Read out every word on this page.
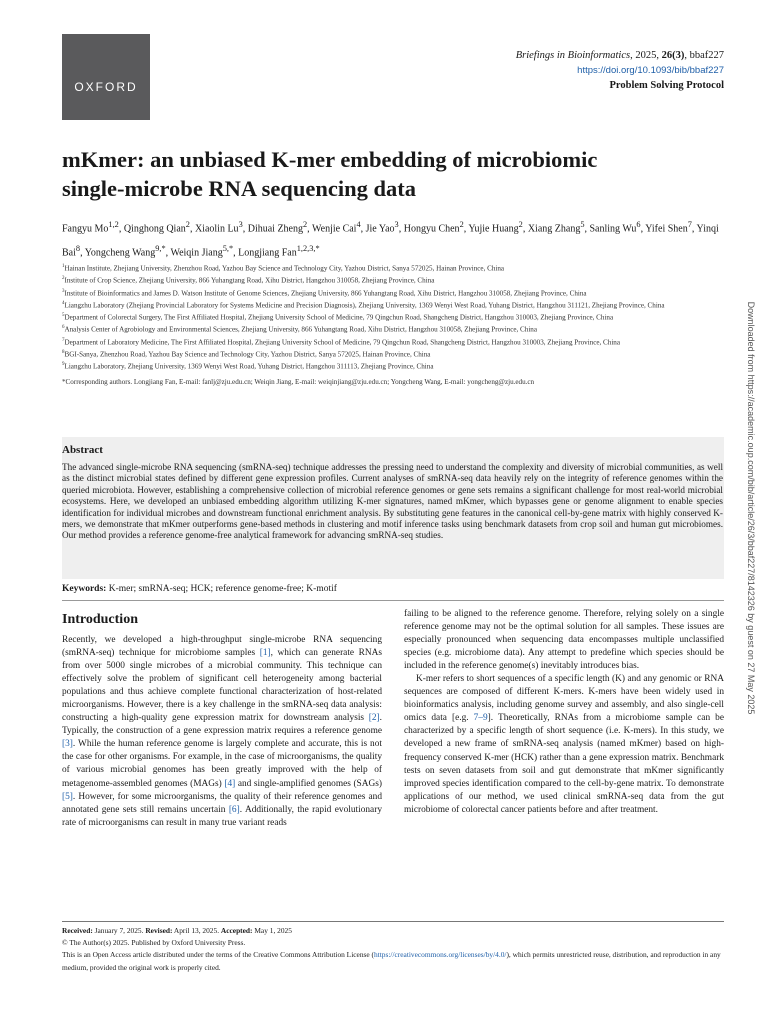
OXFORD
Briefings in Bioinformatics, 2025, 26(3), bbaf227
https://doi.org/10.1093/bib/bbaf227
Problem Solving Protocol
mKmer: an unbiased K-mer embedding of microbiomic
single-microbe RNA sequencing data
Fangyu Mo$^{1,2}$, Qinghong Qian$^2$, Xiaolin Lu$^3$, Dihuai Zheng$^2$, Wenjie Cai$^4$, Jie Yao$^3$, Hongyu Chen$^2$, Yujie Huang$^2$, Xiang Zhang$^5$, Sanling Wu$^6$, Yifei Shen$^7$, Yinqi Bai$^8$, Yongcheng Wang$^{9,*}$, Weiqin Jiang$^{5,*}$, Longjiang Fan$^{1,2,3,*}$

$^1$Hainan Institute, Zhejiang University, Zhenzhou Road, Yazhou Bay Science and Technology City, Yazhou District, Sanya 572025, Hainan Province, China

$^2$Institute of Crop Science, Zhejiang University, 866 Yuhangtang Road, Xihu District, Hangzhou 310058, Zhejiang Province, China

$^3$Institute of Bioinformatics and James D. Watson Institute of Genome Sciences, Zhejiang University, 866 Yuhangtang Road, Xihu District, Hangzhou 310058, Zhejiang Province, China

$^4$Liangzhu Laboratory (Zhejiang Provincial Laboratory for Systems Medicine and Precision Diagnosis), Zhejiang University, 1369 Wenyi West Road, Yuhang District, Hangzhou 311121, Zhejiang Province, China

$^5$Department of Colorectal Surgery, The First Affiliated Hospital, Zhejiang University School of Medicine, 79 Qingchun Road, Shangcheng District, Hangzhou 310003, Zhejiang Province, China

$^6$Analysis Center of Agrobiology and Environmental Sciences, Zhejiang University, 866 Yuhangtang Road, Xihu District, Hangzhou 310058, Zhejiang Province, China

$^7$Department of Laboratory Medicine, The First Affiliated Hospital, Zhejiang University School of Medicine, 79 Qingchun Road, Shangcheng District, Hangzhou 310003, Zhejiang Province, China

$^8$BGI-Sanya, Zhenzhou Road, Yazhou Bay Science and Technology City, Yazhou District, Sanya 572025, Hainan Province, China

$^9$Liangzhu Laboratory, Zhejiang University, 1369 Wenyi West Road, Yuhang District, Hangzhou 311113, Zhejiang Province, China

*Corresponding authors. Longjiang Fan, E-mail: fanlj@zju.edu.cn; Weiqin Jiang, E-mail: weiqinjiang@zju.edu.cn; Yongcheng Wang, E-mail: yongcheng@zju.edu.cn

Abstract
The advanced single-microbe RNA sequencing (smRNA-seq) technique addresses the pressing need to understand the complexity and diversity of microbial communities, as well as the distinct microbial states defined by different gene expression profiles. Current analyses of smRNA-seq data heavily rely on the integrity of reference genomes within the queried microbiota. However, establishing a comprehensive collection of microbial reference genomes or gene sets remains a significant challenge for most real-world microbial ecosystems. Here, we developed an unbiased embedding algorithm utilizing K-mer signatures, named mKmer, which bypasses gene or genome alignment to enable species identification for individual microbes and downstream functional enrichment analysis. By substituting gene features in the canonical cell-by-gene matrix with highly conserved K-mers, we demonstrate that mKmer outperforms gene-based methods in clustering and motif inference tasks using benchmark datasets from crop soil and human gut microbiomes. Our method provides a reference genome-free analytical framework for advancing smRNA-seq studies.
Keywords: K-mer; smRNA-seq; HCK; reference genome-free; K-motif
Introduction

Recently, we developed a high-throughput single-microbe RNA sequencing (smRNA-seq) technique for microbiome samples [1], which can generate RNAs from over 5000 single microbes of a microbial community. This technique can effectively solve the problem of significant cell heterogeneity among bacterial populations and thus achieve complete functional characterization of host-related microorganisms. However, there is a key challenge in the smRNA-seq data analysis: constructing a high-quality gene expression matrix for downstream analysis [2]. Typically, the construction of a gene expression matrix requires a reference genome [3]. While the human reference genome is largely complete and accurate, this is not the case for other organisms. For example, in the case of microorganisms, the quality of various microbial genomes has been greatly improved with the help of metagenome-assembled genomes (MAGs) [4] and single-amplified genomes (SAGs) [5]. However, for some microorganisms, the quality of their reference genomes and annotated gene sets still remains uncertain [6]. Additionally, the rapid evolutionary rate of microorganisms can result in many true variant reads

failing to be aligned to the reference genome. Therefore, relying solely on a single reference genome may not be the optimal solution for all samples. These issues are especially pronounced when sequencing data encompasses multiple unclassified species (e.g. microbiome data). Any attempt to predefine which species should be included in the reference genome(s) inevitably introduces bias.

K-mer refers to short sequences of a specific length (K) and any genomic or RNA sequences are composed of different K-mers. K-mers have been widely used in bioinformatics analysis, including genome survey and assembly, and also single-cell omics data [e.g. 7–9]. Theoretically, RNAs from a microbiome sample can be characterized by a specific length of short sequence (i.e. K-mers). In this study, we developed a new frame of smRNA-seq analysis (named mKmer) based on high-frequency conserved K-mer (HCK) rather than a gene expression matrix. Benchmark tests on seven datasets from soil and gut demonstrate that mKmer significantly improved species identification compared to the cell-by-gene matrix. To demonstrate applications of our method, we used clinical smRNA-seq data from the gut microbiome of colorectal cancer patients before and after treatment.

Received: January 7, 2025. Revised: April 13, 2025. Accepted: May 1, 2025

© The Author(s) 2025. Published by Oxford University Press.

This is an Open Access article distributed under the terms of the Creative Commons Attribution License (https://creativecommons.org/licenses/by/4.0/), which permits unrestricted reuse, distribution, and reproduction in any medium, provided the original work is properly cited.

Downloaded from https://academic.oup.com/bib/article/26/3/bbaf227/8142326 by guest on 27 May 2025
